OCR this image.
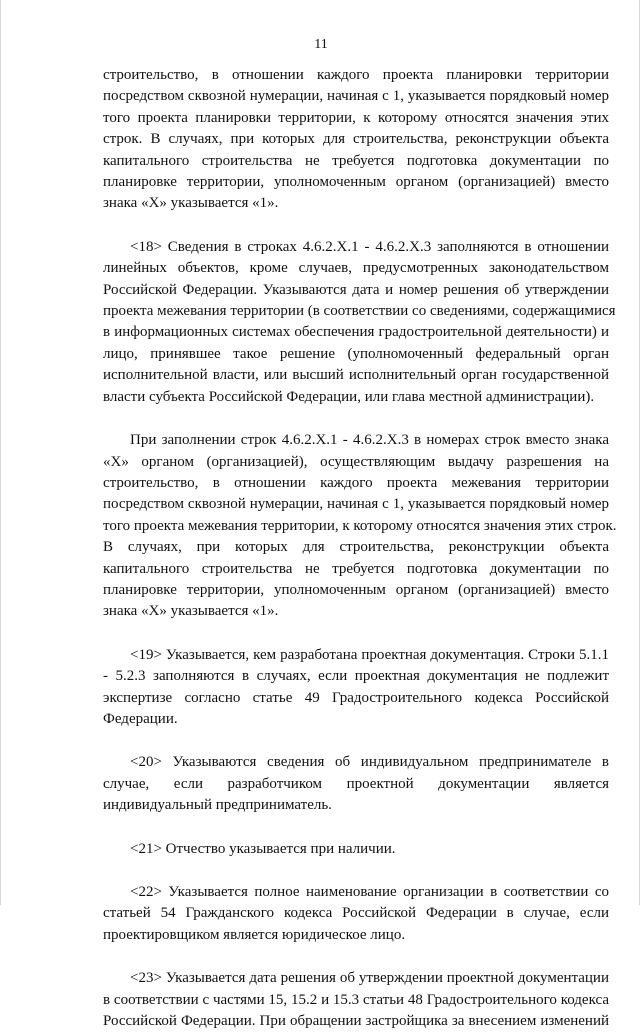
11
строительство, в отношении каждого проекта планировки территории
посредством сквозной нумерации, начиная с 1, указывается порядковый номер
того проекта планировки территории, к которому относятся значения этих
строк. В случаях, при которых для строительства, реконструкции объекта
капитального строительства не требуется подготовка документации по
планировке территории, уполномоченным органом (организацией) вместо
знака «Х» указывается «1».
<18> Сведения в строках 4.6.2.Х.1 - 4.6.2.Х.3 заполняются в отношении
линейных объектов, кроме случаев, предусмотренных законодательством
Российской Федерации. Указываются дата и номер решения об утверждении
проекта межевания территории (в соответствии со сведениями, содержащимися
в информационных системах обеспечения градостроительной деятельности) и
лицо, принявшее такое решение (уполномоченный федеральный орган
исполнительной власти, или высший исполнительный орган государственной
власти субъекта Российской Федерации, или глава местной администрации).
При заполнении строк 4.6.2.Х.1 - 4.6.2.Х.3 в номерах строк вместо знака
«Х» органом (организацией), осуществляющим выдачу разрешения на
строительство, в отношении каждого проекта межевания территории
посредством сквозной нумерации, начиная с 1, указывается порядковый номер
того проекта межевания территории, к которому относятся значения этих строк.
В случаях, при которых для строительства, реконструкции объекта
капитального строительства не требуется подготовка документации по
планировке территории, уполномоченным органом (организацией) вместо
знака «Х» указывается «1».
<19> Указывается, кем разработана проектная документация. Строки 5.1.1
- 5.2.3 заполняются в случаях, если проектная документация не подлежит
экспертизе согласно статье 49 Градостроительного кодекса Российской
Федерации.
<20> Указываются сведения об индивидуальном предпринимателе в
случае, если разработчиком проектной документации является
индивидуальный предприниматель.
<21> Отчество указывается при наличии.
<22> Указывается полное наименование организации в соответствии со
статьей 54 Гражданского кодекса Российской Федерации в случае, если
проектировщиком является юридическое лицо.
<23> Указывается дата решения об утверждении проектной документации
в соответствии с частями 15, 15.2 и 15.3 статьи 48 Градостроительного кодекса
Российской Федерации. При обращении застройщика за внесением изменений
